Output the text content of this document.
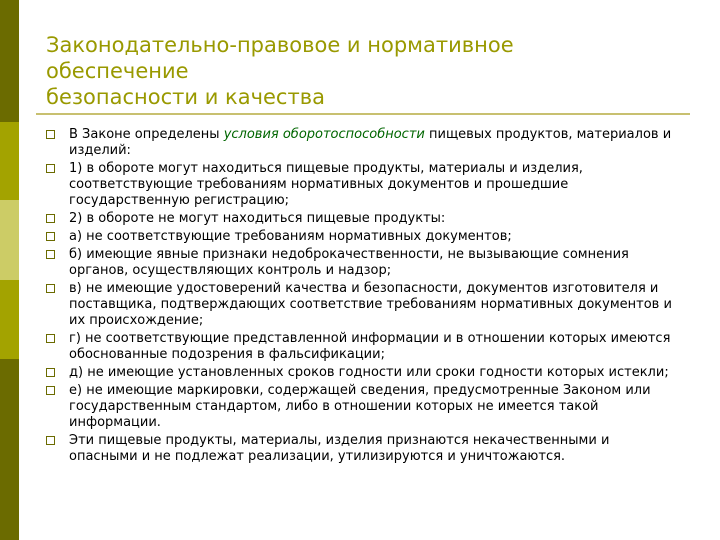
Законодательно-правовое и нормативное
обеспечение
безопасности и качества
В Законе определены условия оборотоспособности пищевых продуктов, материалов и изделий:
1) в обороте могут находиться пищевые продукты, материалы и изделия, соответствующие требованиям нормативных документов и прошедшие государственную регистрацию;
2) в обороте не могут находиться пищевые продукты:
а) не соответствующие требованиям нормативных документов;
б) имеющие явные признаки недоброкачественности, не вызывающие сомнения органов, осуществляющих контроль и надзор;
в) не имеющие удостоверений качества и безопасности, документов изготовителя и поставщика, подтверждающих соответствие требованиям нормативных документов и их происхождение;
г) не соответствующие представленной информации и в отношении которых имеются обоснованные подозрения в фальсификации;
д) не имеющие установленных сроков годности или сроки годности которых истекли;
е) не имеющие маркировки, содержащей сведения, предусмотренные Законом или государственным стандартом, либо в отношении которых не имеется такой информации.
Эти пищевые продукты, материалы, изделия признаются некачественными и опасными и не подлежат реализации, утилизируются и уничтожаются.
